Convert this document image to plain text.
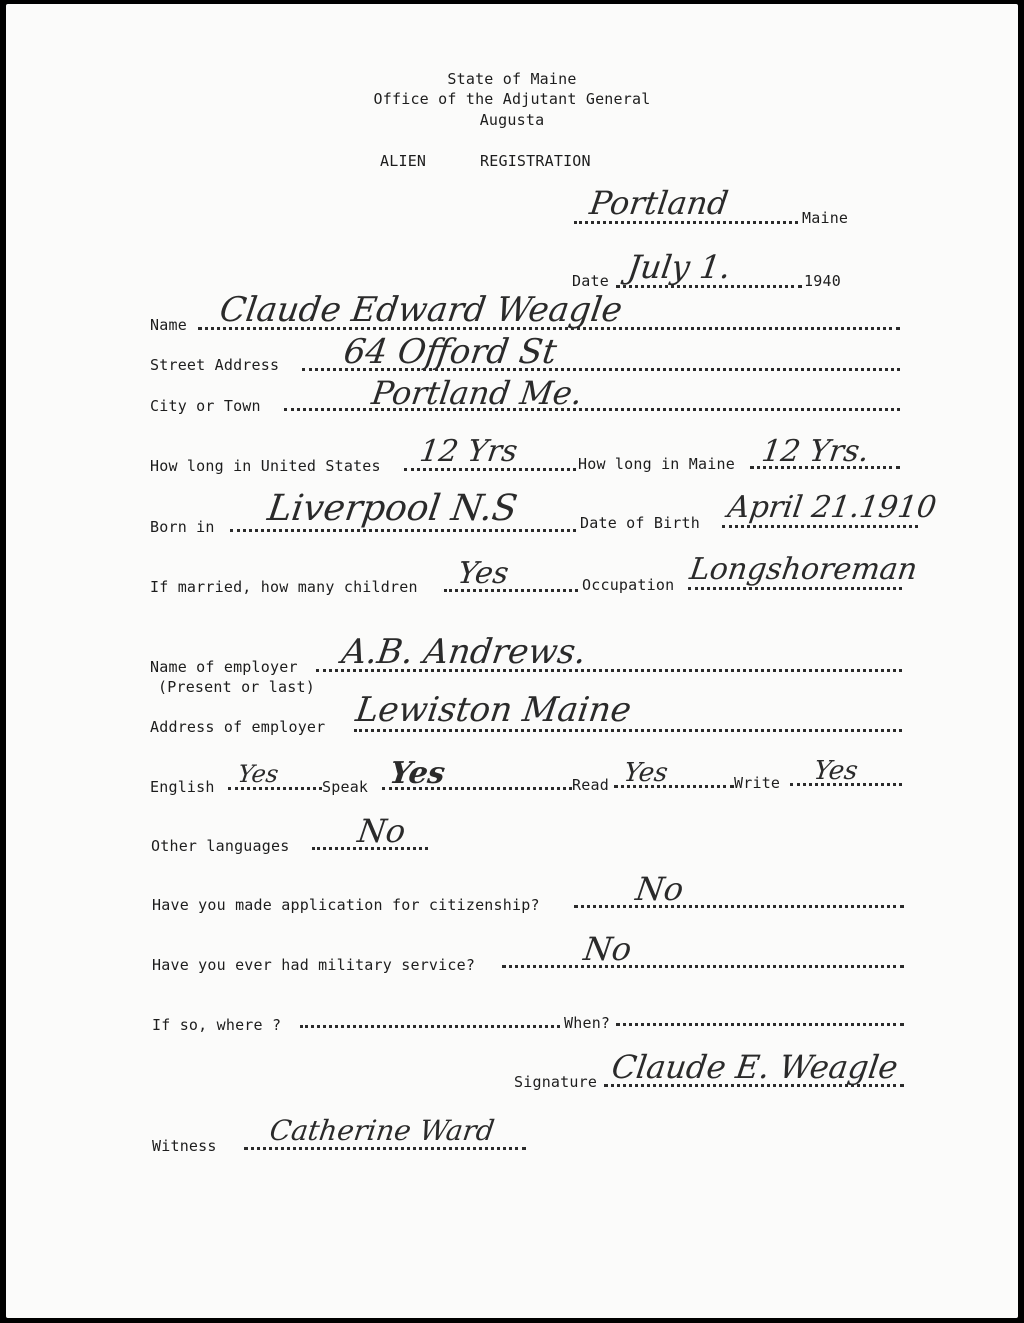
State of Maine
Office of the Adjutant General
Augusta
ALIEN	REGISTRATION
Portland	Maine
Date July 1.	1940
Name Claude Edward Weagle
Street Address 64 Offord St
City or Town	Portland Me.
How long in United States 12 Yrs	How long in Maine 12 Yrs.
Born in Liverpool N.S	Date of Birth April 21.1910
If married, how many children Yes	Occupation Longshoreman
Name of employer
(Present or last)
A.B. Andrews.
Address of employer Lewiston Maine
English Yes	Speak Yes	Read Yes	Write Yes
Other languages No
Have you made application for citizenship?	No
Have you ever had military service?	No
If so, where ?	When?
Signature Claude E. Weagle
Witness Catherine Ward
